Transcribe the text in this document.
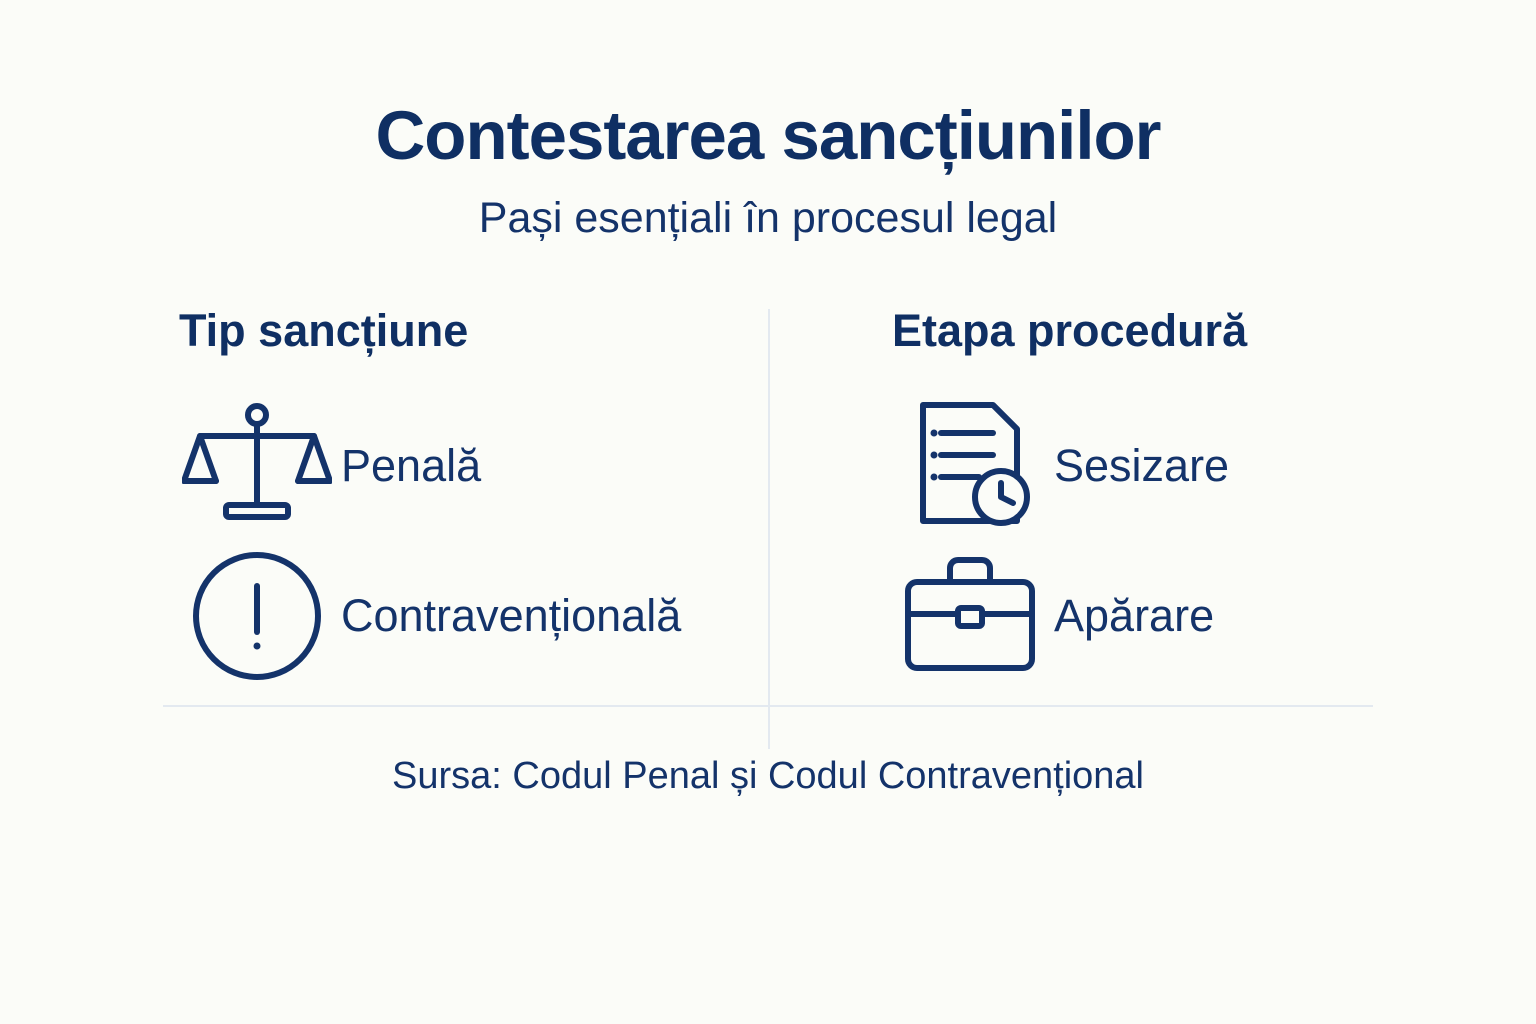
Contestarea sancțiunilor
Pași esențiali în procesul legal
Tip sancțiune
Penală
Contravențională
Etapa procedură
Sesizare
Apărare
Sursa: Codul Penal și Codul Contravențional
